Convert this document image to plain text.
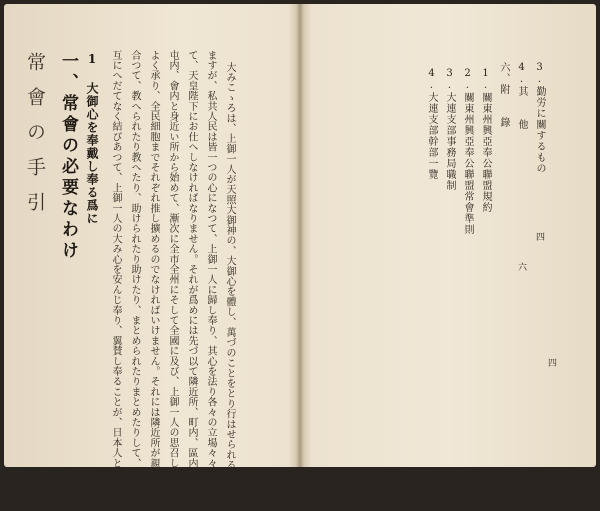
大みこゝろは、上御一人が天照大御神の、大御心を體し、萬づのことをとり行はせられるのであり
ますが、私共人民は皆一つの心になつて、上御一人に歸し奉り、其心を法り各々の立場々々に於
て、天皇陛下にお仕へしなければなりません。それが爲めには先づ以て隣近所、町内、區内、
屯内、會内と身近い所から始めて、漸次に全市全州にそして全國に及び、上御一人の思召しを
よく承り、全民細胞までそれぞれ推し擴めるのでなければいけません。それには隣近所が親しくつき
合つて、教へられたり教へたり、助けられたり助けたり、まとめられたりまとめたりして、お
互にへだてなく結びあつて、上御一人の大み心を安んじ奉り、翼賛し奉ることが、日本人とし
1 大御心を奉戴し奉る爲に
一、常會の必要なわけ
常會の手引	3.勤労に關するもの
四
4.其　　他
六
六、附　　錄
1.關東州興亞奉公聯盟規約
2.關東州興亞奉公聯盟常會準則
3.大連支部事務局職制
4.大連支部幹部一覽
四
